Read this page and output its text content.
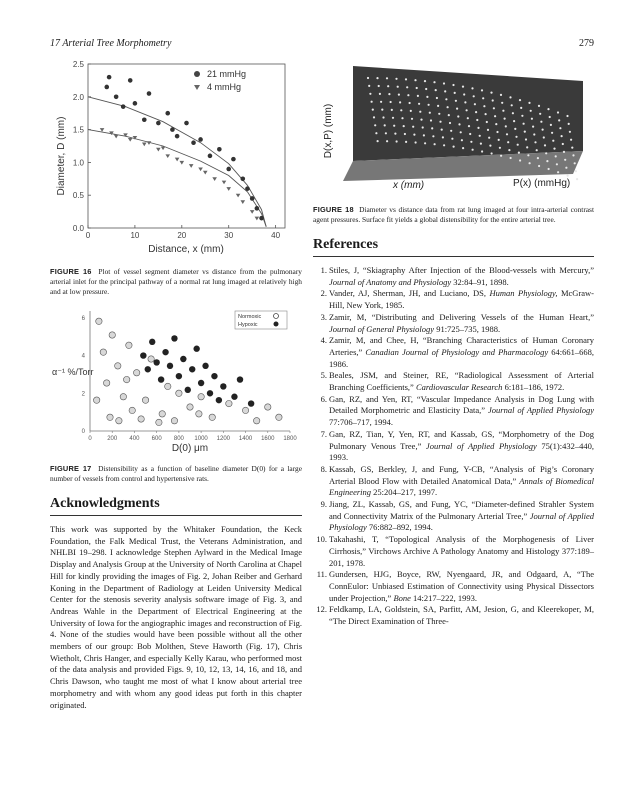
17 Arterial Tree Morphometry	279
0	10	20	30	40
0.0
0.5
1.0
1.5
2.0
2.5
Distance, x (mm)
Diameter, D (mm)
21 mmHg
4 mmHg
FIGURE 16 Plot of vessel segment diameter vs distance from the pulmonary arterial inlet for the principal pathway of a normal rat lung imaged at relatively high and at low pressure.
0	200 400 600 800 1000 1200 1400 1600 1800
0
2
4
6
D(0) μm
α⁻¹ %/Torr
Normoxic
Hypoxic
FIGURE 17 Distensibility as a function of baseline diameter D(0) for a large number of vessels from control and hypertensive rats.
Acknowledgments

This work was supported by the Whitaker Foundation, the Keck Foundation, the Falk Medical Trust, the Veterans Administration, and NHLBI 19–298. I acknowledge Stephen Aylward in the Medical Image Display and Analysis Group at the University of North Carolina at Chapel Hill for kindly providing the images of Fig. 2, Johan Reiber and Gerhard Koning in the Department of Radiology at Leiden University Medical Center for the stenosis severity analysis software image of Fig. 3, and Andreas Wahle in the Department of Electrical Engineering at the University of Iowa for the angiographic images and reconstruction of Fig. 4. None of the studies would have been possible without all the other members of our group: Bob Molthen, Steve Haworth (Fig. 17), Chris Wietholt, Chris Hanger, and especially Kelly Karau, who performed most of the data analysis and provided Figs. 9, 10, 12, 13, 14, 16, and 18, and Chris Dawson, who taught me most of what I know about arterial tree morphometry and with whom any good ideas put forth in this chapter originated.

D(x,P) (mm)
x (mm)	P(x) (mmHg)
FIGURE 18 Diameter vs distance data from rat lung imaged at four intra-arterial contrast agent pressures. Surface fit yields a global distensibility for the entire arterial tree.
References
1. Stiles, J, “Skiagraphy After Injection of the Blood-vessels with Mercury,” Journal of Anatomy and Physiology 32:84–91, 1898.
2. Vander, AJ, Sherman, JH, and Luciano, DS, Human Physiology, McGraw-Hill, New York, 1985.
3. Zamir, M, “Distributing and Delivering Vessels of the Human Heart,” Journal of General Physiology 91:725–735, 1988.
4. Zamir, M, and Chee, H, “Branching Characteristics of Human Coronary Arteries,” Canadian Journal of Physiology and Pharmacology 64:661–668, 1986.
5. Beales, JSM, and Steiner, RE, “Radiological Assessment of Arterial Branching Coefficients,” Cardiovascular Research 6:181–186, 1972.
6. Gan, RZ, and Yen, RT, “Vascular Impedance Analysis in Dog Lung with Detailed Morphometric and Elasticity Data,” Journal of Applied Physiology 77:706–717, 1994.
7. Gan, RZ, Tian, Y, Yen, RT, and Kassab, GS, “Morphometry of the Dog Pulmonary Venous Tree,” Journal of Applied Physiology 75(1):432–440, 1993.
8. Kassab, GS, Berkley, J, and Fung, Y-CB, “Analysis of Pig’s Coronary Arterial Blood Flow with Detailed Anatomical Data,” Annals of Biomedical Engineering 25:204–217, 1997.
9. Jiang, ZL, Kassab, GS, and Fung, YC, “Diameter-defined Strahler System and Connectivity Matrix of the Pulmonary Arterial Tree,” Journal of Applied Physiology 76:882–892, 1994.
10. Takahashi, T, “Topological Analysis of the Morphogenesis of Liver Cirrhosis,” Virchows Archive A Pathology Anatomy and Histology 377:189–201, 1978.
11. Gundersen, HJG, Boyce, RW, Nyengaard, JR, and Odgaard, A, “The ConnEulor: Unbiased Estimation of Connectivity using Physical Dissectors under Projection,” Bone 14:217–222, 1993.
12. Feldkamp, LA, Goldstein, SA, Parfitt, AM, Jesion, G, and Kleerekoper, M, “The Direct Examination of Three-
